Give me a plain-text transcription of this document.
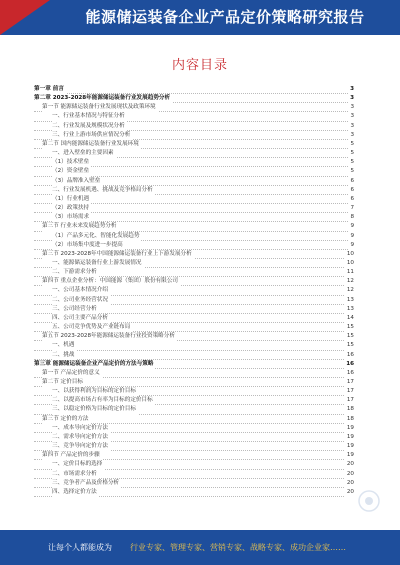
能源储运装备企业产品定价策略研究报告
内容目录
第一章 前言	3
第二章 2023-2028年能源储运装备行业发展趋势分析	3
第一节 能源储运装备行业发展现状及政策环境	3
一、行业基本情况与特征分析	3
二、行业发展及规模状况分析	3
三、行业上游市场供应情况分析	3
第二节 国内能源储运装备行业发展环境	5
一、进入壁垒的主要因素	5
（1）技术壁垒	5
（2）资金壁垒	5
（3）品牌准入壁垒	6
二、行业发展机遇、挑战及竞争格局分析	6
（1）行业机遇	6
（2）政策扶持	7
（3）市场需求	8
第三节 行业未来发展趋势分析	9
（1）产品多元化、智能化发展趋势	9
（2）市场集中度进一步提高	9
第三节 2023-2028年中国能源储运装备行业上下游发展分析	10
一、能源储运装备行业上游发展情况	10
二、下游需求分析	11
第四节 重点企业分析：中国能源（集团）股份有限公司	12
一、公司基本情况介绍	12
二、公司业务经营状况	13
三、公司经营分析	13
四、公司主要产品分析	14
五、公司竞争优势及产业链布局	15
第五节 2023-2028年能源储运装备行业投资策略分析	15
一、机遇	15
二、挑战	16
第三章 能源储运装备企业产品定价的方法与策略	16
第一节 产品定价的意义	16
第二节 定价目标	17
一、以获得利润为目标的定价目标	17
二、以提高市场占有率为目标的定价目标	17
三、以稳定价格为目标的定价目标	18
第三节 定价的方法	18
一、成本导向定价方法	19
二、需求导向定价方法	19
三、竞争导向定价方法	19
第四节 产品定价的步骤	19
一、定价目标的选择	20
二、市场需求分析	20
三、竞争者产品及价格分析	20
四、选择定价方法	20
让每个人都能成为 行业专家、管理专家、营销专家、战略专家、成功企业家……
